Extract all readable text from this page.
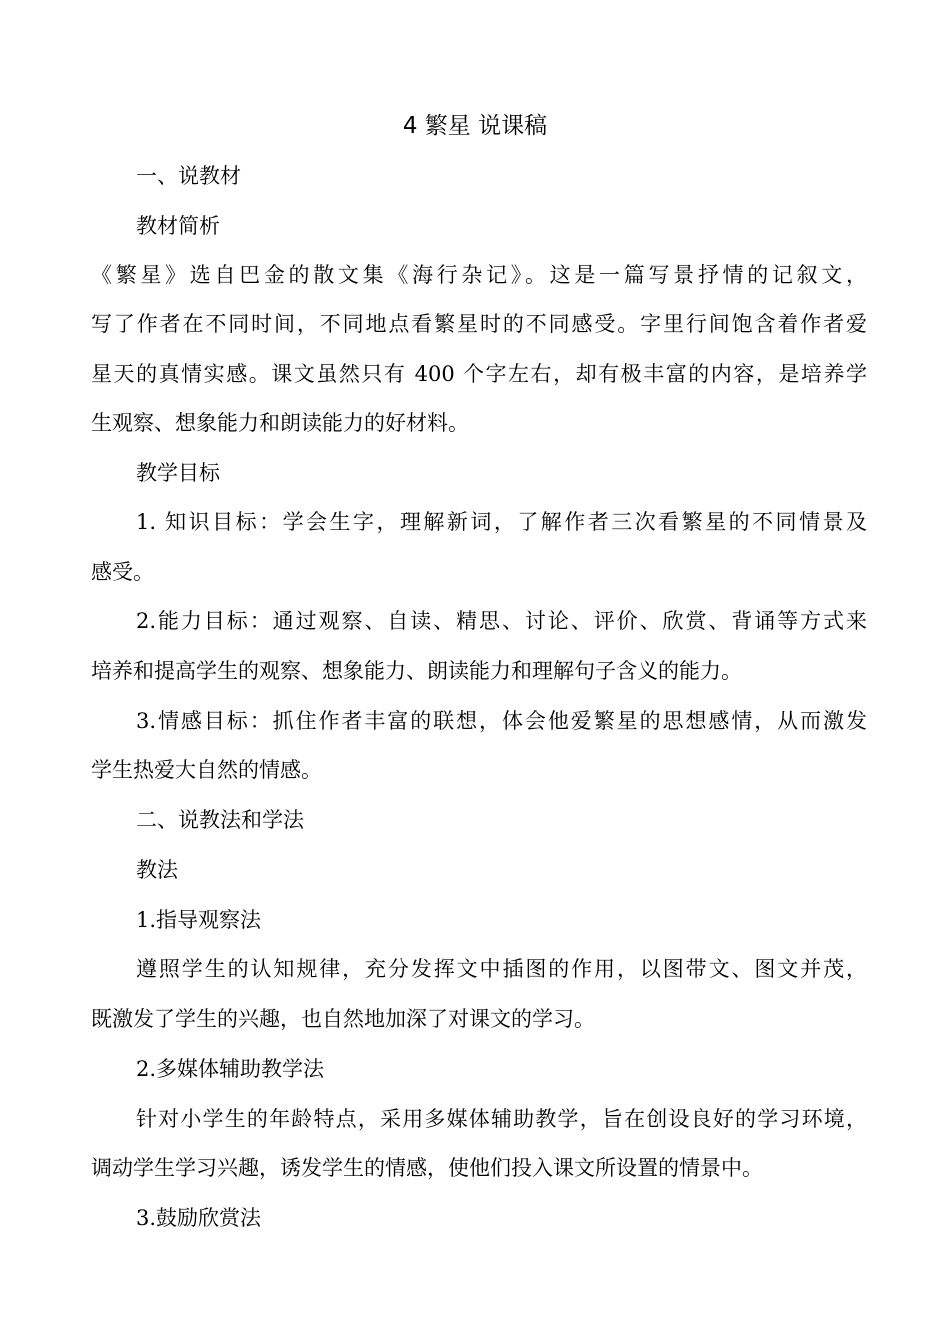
4 繁星 说课稿

一、说教材

教材简析

《繁星》选自巴金的散文集《海行杂记》。这是一篇写景抒情的记叙文，

写了作者在不同时间，不同地点看繁星时的不同感受。字里行间饱含着作者爱

星天的真情实感。课文虽然只有 400 个字左右，却有极丰富的内容，是培养学

生观察、想象能力和朗读能力的好材料。

教学目标

1. 知识目标：学会生字，理解新词，了解作者三次看繁星的不同情景及

感受。

2.能力目标：通过观察、自读、精思、讨论、评价、欣赏、背诵等方式来

培养和提高学生的观察、想象能力、朗读能力和理解句子含义的能力。

3.情感目标：抓住作者丰富的联想，体会他爱繁星的思想感情，从而激发

学生热爱大自然的情感。

二、说教法和学法

教法

1.指导观察法

遵照学生的认知规律，充分发挥文中插图的作用，以图带文、图文并茂，

既激发了学生的兴趣，也自然地加深了对课文的学习。

2.多媒体辅助教学法

针对小学生的年龄特点，采用多媒体辅助教学，旨在创设良好的学习环境，

调动学生学习兴趣，诱发学生的情感，使他们投入课文所设置的情景中。

3.鼓励欣赏法
